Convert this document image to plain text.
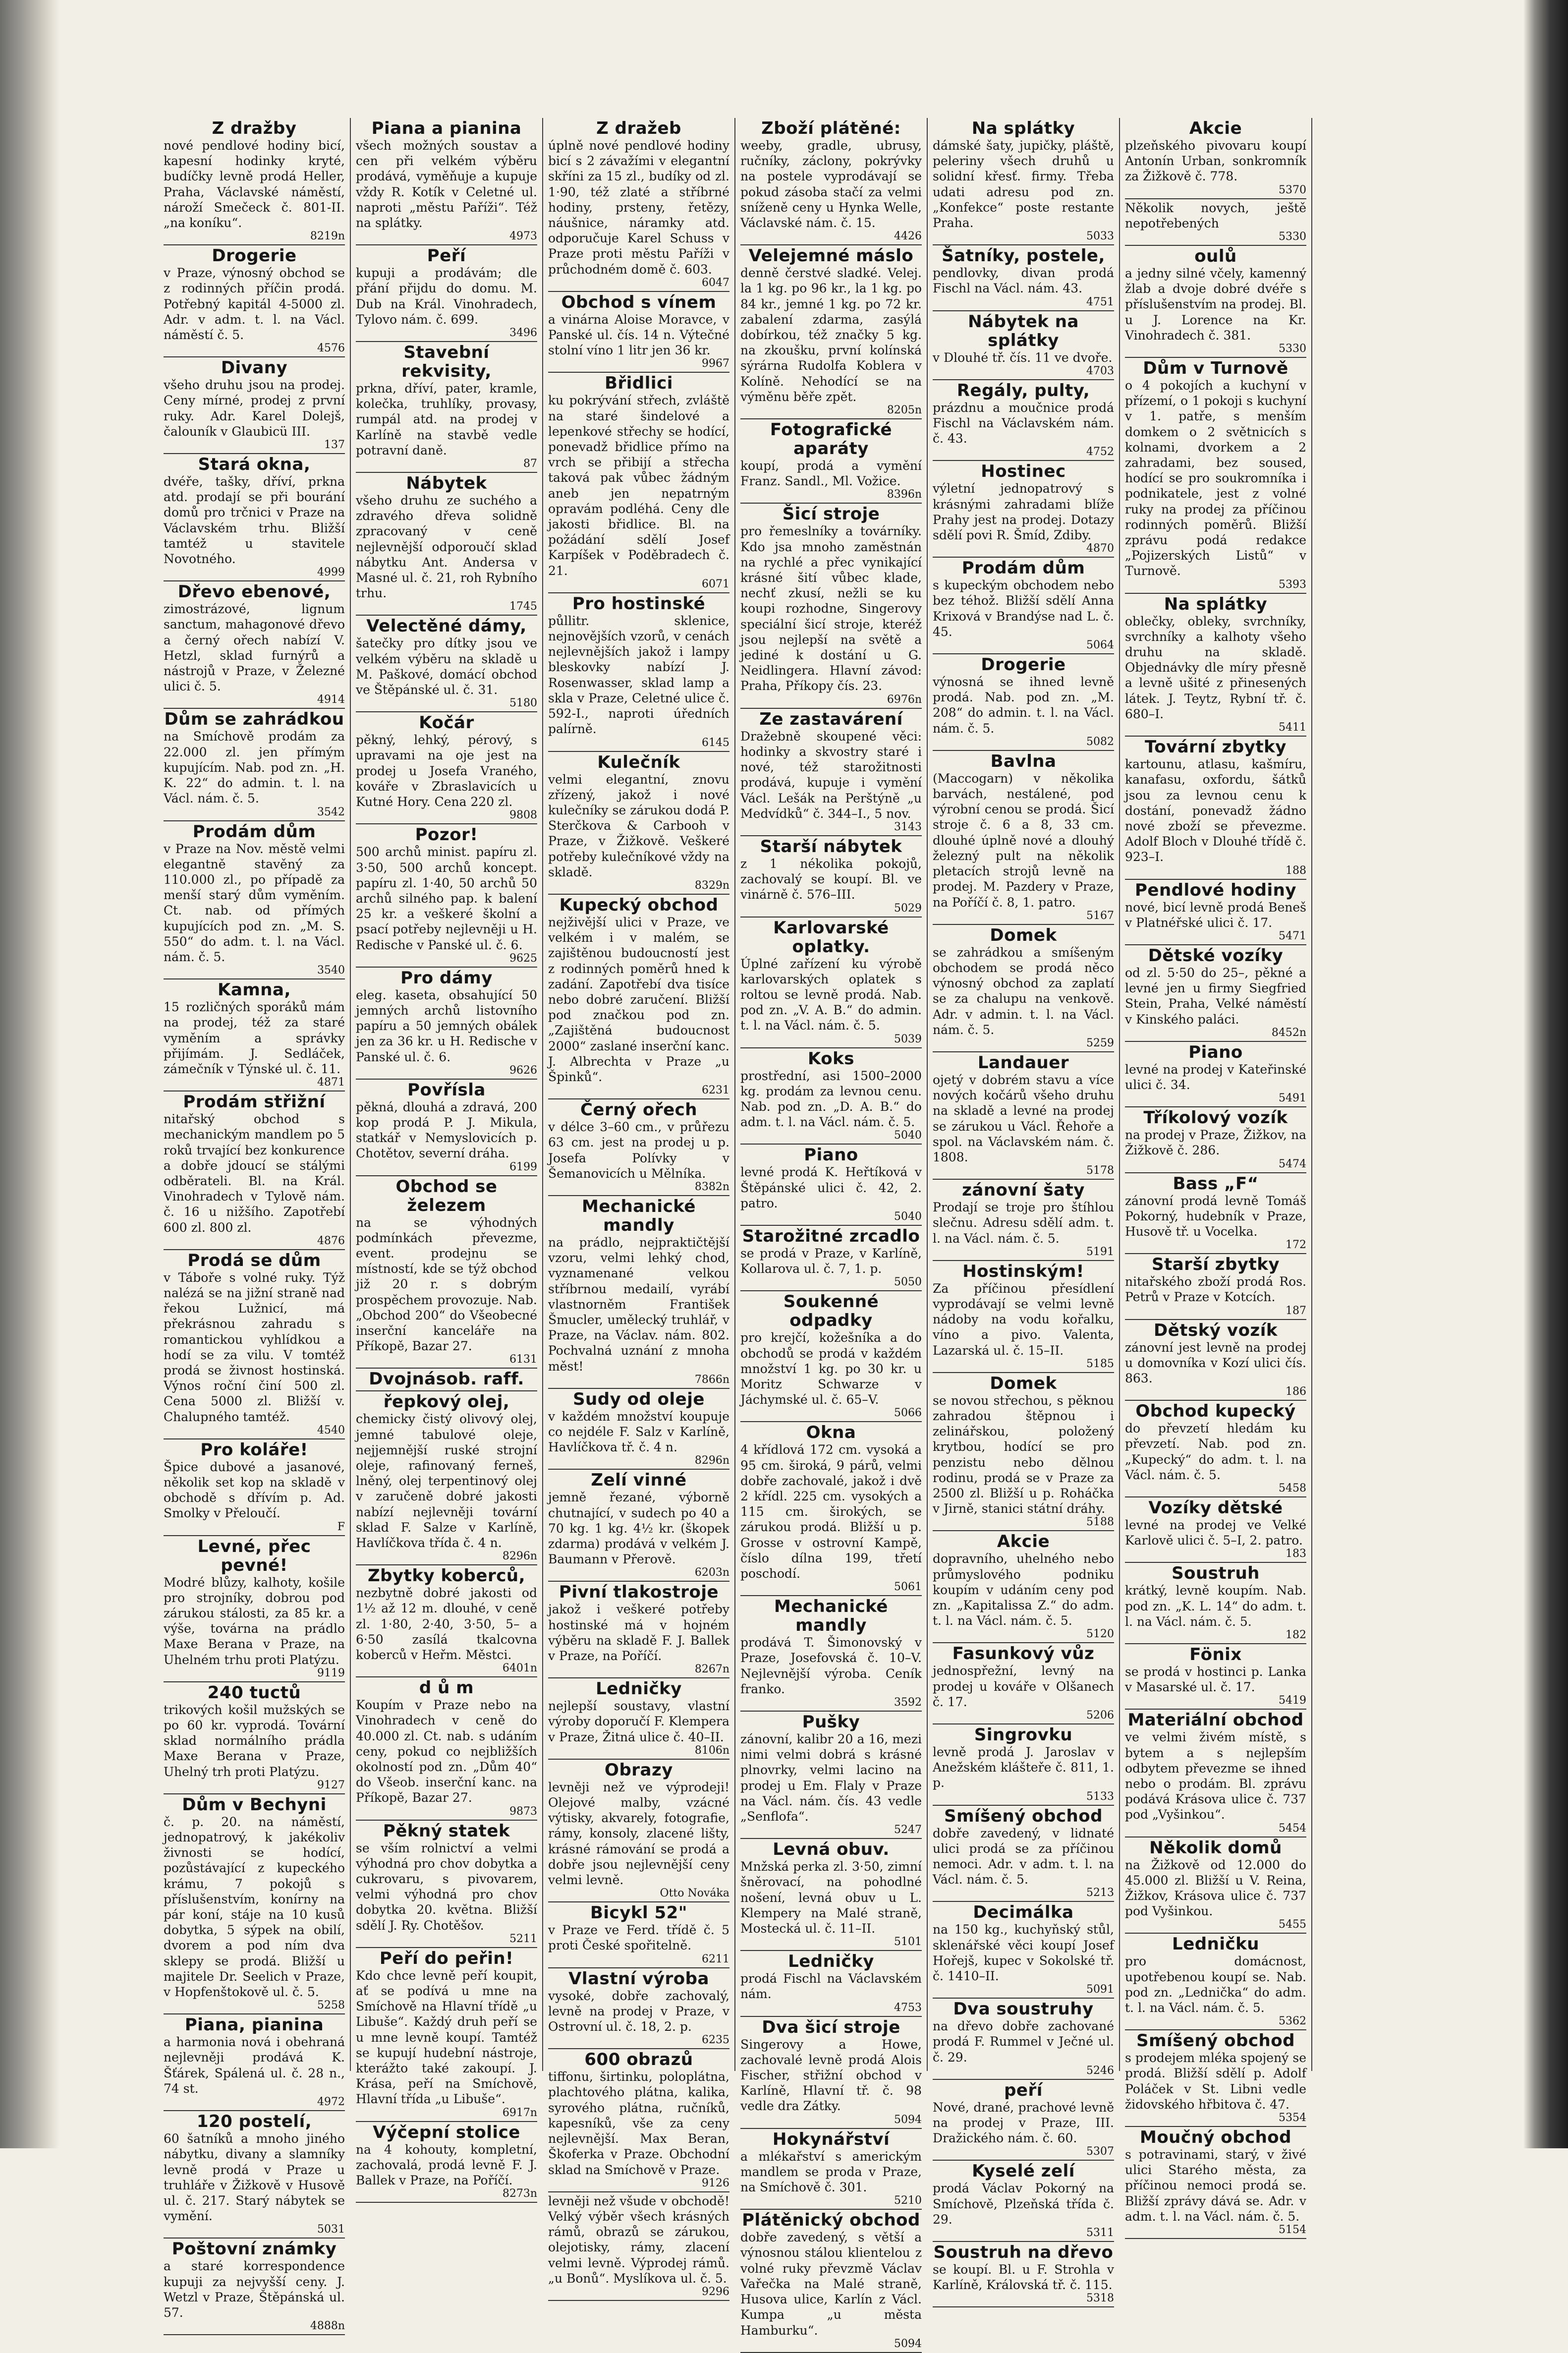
Z dražby
nové pendlové hodiny bicí, kapesní hodinky kryté, budíčky levně prodá Heller, Praha, Václavské náměstí, nároží Smečeck č. 801-II. „na koníku“.
8219n
Drogerie
v Praze, výnosný obchod se z rodinných příčin prodá. Potřebný kapitál 4-5000 zl. Adr. v adm. t. l. na Václ. náměstí č. 5.
4576
Divany
všeho druhu jsou na prodej. Ceny mírné, prodej z první ruky. Adr. Karel Dolejš, čalouník v Glaubicü III.
137
Stará okna,
dvéře, tašky, dříví, prkna atd. prodají se při bourání domů pro trčnici v Praze na Václavském trhu. Bližší tamtéž u stavitele Novotného.
4999
Dřevo ebenové,
zimostrázové, lignum sanctum, mahagonové dřevo a černý ořech nabízí V. Hetzl, sklad furnýrů a nástrojů v Praze, v Železné ulici č. 5.
4914
Dům se zahrádkou
na Smíchově prodám za 22.000 zl. jen přímým kupujícím. Nab. pod zn. „H. K. 22“ do admin. t. l. na Václ. nám. č. 5.
3542
Prodám dům
v Praze na Nov. městě velmi elegantně stavěný za 110.000 zl., po případě za menší starý dům vyměním. Ct. nab. od přímých kupujících pod zn. „M. S. 550“ do adm. t. l. na Václ. nám. č. 5.
3540
Kamna,
15 rozličných sporáků mám na prodej, též za staré vyměním a správky přijímám. J. Sedláček, zámečník v Týnské ul. č. 11.
4871
Prodám střižní
nitařský obchod s mechanickým mandlem po 5 roků trvající bez konkurence a dobře jdoucí se stálými odběrateli. Bl. na Král. Vinohradech v Tylově nám. č. 16 u nižšího. Zapotřebí 600 zl. 800 zl.
4876
Prodá se dům
v Táboře s volné ruky. Týž nalézá se na jižní straně nad řekou Lužnicí, má překrásnou zahradu s romantickou vyhlídkou a hodí se za vilu. V tomtéž prodá se živnost hostinská. Výnos roční činí 500 zl. Cena 5000 zl. Bližší v. Chalupného tamtéž.
4540
Pro koláře!
Špice dubové a jasanové, několik set kop na skladě v obchodě s dřívím p. Ad. Smolky v Přeloučí.
F
Levné, přec pevné!
Modré blůzy, kalhoty, košile pro strojníky, dobrou pod zárukou stálosti, za 85 kr. a výše, továrna na prádlo Maxe Berana v Praze, na Uhelném trhu proti Platýzu.
9119
240 tuctů
trikových košil mužských se po 60 kr. vyprodá. Tovární sklad normálního prádla Maxe Berana v Praze, Uhelný trh proti Platýzu.
9127
Dům v Bechyni
č. p. 20. na náměstí, jednopatrový, k jakékoliv živnosti se hodící, pozůstávající z kupeckého krámu, 7 pokojů s příslušenstvím, konírny na pár koní, stáje na 10 kusů dobytka, 5 sýpek na obilí, dvorem a pod ním dva sklepy se prodá. Bližší u majitele Dr. Seelich v Praze, v Hopfenštokově ul. č. 5.
5258
Piana, pianina
a harmonia nová i obehraná nejlevněji prodává K. Šťárek, Spálená ul. č. 28 n., 74 st.
4972
120 postelí,
60 šatníků a mnoho jiného nábytku, divany a slamníky levně prodá v Praze u truhláře v Žižkově v Husově ul. č. 217. Starý nábytek se vymění.
5031
Poštovní známky
a staré korrespondence kupuji za nejvyšší ceny. J. Wetzl v Praze, Štěpánská ul. 57.
4888n
Piana a pianina
všech možných soustav a cen při velkém výběru prodává, vyměňuje a kupuje vždy R. Kotík v Celetné ul. naproti „městu Paříži“. Též na splátky.
4973
Peří
kupuji a prodávám; dle přání přijdu do domu. M. Dub na Král. Vinohradech, Tylovo nám. č. 699.
3496
Stavební rekvisity,
prkna, dříví, pater, kramle, kolečka, truhlíky, provasy, rumpál atd. na prodej v Karlíně na stavbě vedle potravní daně.
87
Nábytek
všeho druhu ze suchého a zdravého dřeva solidně zpracovaný v ceně nejlevnější odporoučí sklad nábytku Ant. Andersa v Masné ul. č. 21, roh Rybního trhu.
1745
Velectěné dámy,
šatečky pro dítky jsou ve velkém výběru na skladě u M. Paškové, domácí obchod ve Štěpánské ul. č. 31.
5180
Kočár
pěkný, lehký, pérový, s upravami na oje jest na prodej u Josefa Vraného, kováře v Zbraslavicích u Kutné Hory. Cena 220 zl.
9808
Pozor!
500 archů minist. papíru zl. 3·50, 500 archů koncept. papíru zl. 1·40, 50 archů 50 archů silného pap. k balení 25 kr. a veškeré školní a psací potřeby nejlevněji u H. Redische v Panské ul. č. 6.
9625
Pro dámy
eleg. kaseta, obsahující 50 jemných archů listovního papíru a 50 jemných obálek jen za 36 kr. u H. Redische v Panské ul. č. 6.
9626
Povřísla
pěkná, dlouhá a zdravá, 200 kop prodá P. J. Mikula, statkář v Nemyslovicích p. Chotětov, severní dráha.
6199
Obchod se železem
na se výhodných podmínkách převezme, event. prodejnu se místností, kde se týž obchod již 20 r. s dobrým prospěchem provozuje. Nab. „Obchod 200“ do Všeobecné inserční kanceláře na Příkopě, Bazar 27.
6131
Dvojnásob. raff.
řepkový olej,
chemicky čistý olivový olej, jemné tabulové oleje, nejjemnější ruské strojní oleje, rafinovaný ferneš, lněný, olej terpentinový olej v zaručeně dobré jakosti nabízí nejlevněji tovární sklad F. Salze v Karlíně, Havlíčkova třída č. 4 n.
8296n
Zbytky koberců,
nezbytně dobré jakosti od 1½ až 12 m. dlouhé, v ceně zl. 1·80, 2·40, 3·50, 5– a 6·50 zasílá tkalcovna koberců v Heřm. Městci.
6401n
d ů m
Koupím v Praze nebo na Vinohradech v ceně do 40.000 zl. Ct. nab. s udáním ceny, pokud co nejbližších okolností pod zn. „Dům 40“ do Všeob. inserční kanc. na Příkopě, Bazar 27.
9873
Pěkný statek
se vším rolnictví a velmi výhodná pro chov dobytka a cukrovaru, s pivovarem, velmi výhodná pro chov dobytka 20. května. Bližší sdělí J. Ry. Chotěšov.
5211
Peří do peřin!
Kdo chce levně peří koupit, ať se podívá u mne na Smíchově na Hlavní třídě „u Libuše“. Každý druh peří se u mne levně koupí. Tamtéž se kupují hudební nástroje, kterážto také zakoupí. J. Krása, peří na Smíchově, Hlavní třída „u Libuše“.
6917n
Výčepní stolice
na 4 kohouty, kompletní, zachovalá, prodá levně F. J. Ballek v Praze, na Poříčí.
8273n
Z dražeb
úplně nové pendlové hodiny bicí s 2 závažími v elegantní skříni za 15 zl., budíky od zl. 1·90, též zlaté a stříbrné hodiny, prsteny, řetězy, náušnice, náramky atd. odporučuje Karel Schuss v Praze proti městu Paříži v průchodném domě č. 603.
6047
Obchod s vínem
a vinárna Aloise Moravce, v Panské ul. čís. 14 n. Výtečné stolní víno 1 litr jen 36 kr.
9967
Břidlici
ku pokrývání střech, zvláště na staré šindelové a lepenkové střechy se hodící, ponevadž břidlice přímo na vrch se přibijí a střecha taková pak vůbec žádným aneb jen nepatrným opravám podléhá. Ceny dle jakosti břidlice. Bl. na požádání sdělí Josef Karpíšek v Poděbradech č. 21.
6071
Pro hostinské
půllitr. sklenice, nejnovějších vzorů, v cenách nejlevnějších jakož i lampy bleskovky nabízí J. Rosenwasser, sklad lamp a skla v Praze, Celetné ulice č. 592-I., naproti úředních palírně.
6145
Kulečník
velmi elegantní, znovu zřízený, jakož i nové kulečníky se zárukou dodá P. Sterčkova & Carbooh v Praze, v Žižkově. Veškeré potřeby kulečníkové vždy na skladě.
8329n
Kupecký obchod
nejživější ulici v Praze, ve velkém i v malém, se zajištěnou budoucností jest z rodinných poměrů hned k zadání. Zapotřebí dva tisíce nebo dobré zaručení. Bližší pod značkou pod zn. „Zajištěná budoucnost 2000“ zaslané inserční kanc. J. Albrechta v Praze „u Špinků“.
6231
Černý ořech
v délce 3–60 cm., v průřezu 63 cm. jest na prodej u p. Josefa Polívky v Šemanovicích u Mělníka.
8382n
Mechanické mandly
na prádlo, nejpraktičtější vzoru, velmi lehký chod, vyznamenané velkou stříbrnou medailí, vyrábí vlastnorněm František Šmucler, umělecký truhlář, v Praze, na Václav. nám. 802. Pochvalná uznání z mnoha měst!
7866n
Sudy od oleje
v každém množství koupuje co nejdéle F. Salz v Karlíně, Havlíčkova tř. č. 4 n.
8296n
Zelí vinné
jemně řezané, výborně chutnající, v sudech po 40 a 70 kg. 1 kg. 4½ kr. (škopek zdarma) prodává v velkém J. Baumann v Přerově.
6203n
Pivní tlakostroje
jakož i veškeré potřeby hostinské má v hojném výběru na skladě F. J. Ballek v Praze, na Poříčí.
8267n
Ledničky
nejlepší soustavy, vlastní výroby doporučí F. Klempera v Praze, Žitná ulice č. 40–II.
8106n
Obrazy
levněji než ve výprodeji! Olejové malby, vzácné výtisky, akvarely, fotografie, rámy, konsoly, zlacené lišty, krásné rámování se prodá a dobře jsou nejlevnější ceny velmi levně.
Otto Nováka
Bicykl 52"
v Praze ve Ferd. třídě č. 5 proti České spořitelně.
6211
Vlastní výroba
vysoké, dobře zachovalý, levně na prodej v Praze, v Ostrovní ul. č. 18, 2. p.
6235
600 obrazů
tiffonu, širtinku, poloplátna, plachtového plátna, kalika, syrového plátna, ručníků, kapesníků, vše za ceny nejlevnější. Max Beran, Škoferka v Praze. Obchodní sklad na Smíchově v Praze.
9126
levněji než všude v obchodě! Velký výběr všech krásných rámů, obrazů se zárukou, olejotisky, rámy, zlacení velmi levně. Výprodej rámů. „u Bonů“. Myslíkova ul. č. 5.
9296
Zboží plátěné:
weeby, gradle, ubrusy, ručníky, záclony, pokrývky na postele vyprodávají se pokud zásoba stačí za velmi sníženě ceny u Hynka Welle, Václavské nám. č. 15.
4426
Velejemné máslo
denně čerstvé sladké. Velej. la 1 kg. po 96 kr., la 1 kg. po 84 kr., jemné 1 kg. po 72 kr. zabalení zdarma, zasýlá dobírkou, též značky 5 kg. na zkoušku, první kolínská sýrárna Rudolfa Koblera v Kolíně. Nehodící se na výměnu běře zpět.
8205n
Fotografické aparáty
koupí, prodá a vymění Franz. Sandl., Ml. Vožice.
8396n
Šicí stroje
pro řemeslníky a továrníky. Kdo jsa mnoho zaměstnán na rychlé a přec vynikající krásné šití vůbec klade, nechť zkusí, nežli se ku koupi rozhodne, Singerovy speciální šicí stroje, kteréž jsou nejlepší na světě a jediné k dostání u G. Neidlingera. Hlavní závod: Praha, Příkopy čís. 23.
6976n
Ze zastavárení
Dražebně skoupené věci: hodinky a skvostry staré i nové, též starožitnosti prodává, kupuje i vymění Václ. Lešák na Perštýně „u Medvídků“ č. 344–I., 5 nov.
3143
Starší nábytek
z 1 nékolika pokojů, zachovalý se koupí. Bl. ve vinárně č. 576–III.
5029
Karlovarské oplatky.
Úplné zařízení ku výrobě karlovarských oplatek s roltou se levně prodá. Nab. pod zn. „V. A. B.“ do admin. t. l. na Václ. nám. č. 5.
5039
Koks
prostřední, asi 1500–2000 kg. prodám za levnou cenu. Nab. pod zn. „D. A. B.“ do adm. t. l. na Václ. nám. č. 5.
5040
Piano
levné prodá K. Heřtíková v Štěpánské ulici č. 42, 2. patro.
5040
Starožitné zrcadlo
se prodá v Praze, v Karlíně, Kollarova ul. č. 7, 1. p.
5050
Soukenné odpadky
pro krejčí, kožešníka a do obchodů se prodá v každém množství 1 kg. po 30 kr. u Moritz Schwarze v Jáchymské ul. č. 65–V.
5066
Okna
4 křídlová 172 cm. vysoká a 95 cm. široká, 9 párů, velmi dobře zachovalé, jakož i dvě 2 křídl. 225 cm. vysokých a 115 cm. širokých, se zárukou prodá. Bližší u p. Grosse v ostrovní Kampě, číslo dílna 199, třetí poschodí.
5061
Mechanické mandly
prodává T. Šimonovský v Praze, Josefovská č. 10–V. Nejlevnější výroba. Ceník franko.
3592
Pušky
zánovní, kalibr 20 a 16, mezi nimi velmi dobrá s krásné plnovrky, velmi lacino na prodej u Em. Flaly v Praze na Václ. nám. čís. 43 vedle „Senflofa“.
5247
Levná obuv.
Mnžská perka zl. 3·50, zimní šněrovací, na pohodlné nošení, levná obuv u L. Klempery na Malé straně, Mostecká ul. č. 11–II.
5101
Ledničky
prodá Fischl na Václavském nám.
4753
Dva šicí stroje
Singerovy a Howe, zachovalé levně prodá Alois Fischer, střižní obchod v Karlíně, Hlavní tř. č. 98 vedle dra Zátky.
5094
Hokynářství
a mlékařství s americkým mandlem se proda v Praze, na Smíchově č. 301.
5210
Plátěnický obchod
dobře zavedený, s větší a výnosnou stálou klientelou z volné ruky převzmě Václav Vařečka na Malé straně, Husova ulice, Karlín z Václ. Kumpa „u města Hamburku“.
5094
Na splátky
dámské šaty, jupičky, pláště, peleriny všech druhů u solidní křesť. firmy. Třeba udati adresu pod zn. „Konfekce“ poste restante Praha.
5033
Šatníky, postele,
pendlovky, divan prodá Fischl na Václ. nám. 43.
4751
Nábytek na splátky
v Dlouhé tř. čís. 11 ve dvoře.
4703
Regály, pulty,
prázdnu a moučnice prodá Fischl na Václavském nám. č. 43.
4752
Hostinec
výletní jednopatrový s krásnými zahradami blíže Prahy jest na prodej. Dotazy sdělí povi R. Šmíd, Zdiby.
4870
Prodám dům
s kupeckým obchodem nebo bez téhož. Bližší sdělí Anna Krixová v Brandýse nad L. č. 45.
5064
Drogerie
výnosná se ihned levně prodá. Nab. pod zn. „M. 208“ do admin. t. l. na Václ. nám. č. 5.
5082
Bavlna
(Maccogarn) v několika barvách, nestálené, pod výrobní cenou se prodá. Šicí stroje č. 6 a 8, 33 cm. dlouhé úplně nové a dlouhý železný pult na několik pletacích strojů levně na prodej. M. Pazdery v Praze, na Poříčí č. 8, 1. patro.
5167
Domek
se zahrádkou a smíšeným obchodem se prodá něco výnosný obchod za zaplatí se za chalupu na venkově. Adr. v admin. t. l. na Václ. nám. č. 5.
5259
Landauer
ojetý v dobrém stavu a více nových kočárů všeho druhu na skladě a levné na prodej se zárukou u Václ. Řehoře a spol. na Václavském nám. č. 1808.
5178
zánovní šaty
Prodají se troje pro štíhlou slečnu. Adresu sdělí adm. t. l. na Václ. nám. č. 5.
5191
Hostinským!
Za příčinou přesídlení vyprodávají se velmi levně nádoby na vodu kořalku, víno a pivo. Valenta, Lazarská ul. č. 15–II.
5185
Domek
se novou střechou, s pěknou zahradou štěpnou i zelinářskou, položený krytbou, hodící se pro penzistu nebo dělnou rodinu, prodá se v Praze za 2500 zl. Bližší u p. Roháčka v Jirně, stanici státní dráhy.
5188
Akcie
dopravního, uhelného nebo průmyslového podniku koupím v udáním ceny pod zn. „Kapitalissa Z.“ do adm. t. l. na Václ. nám. č. 5.
5120
Fasunkový vůz
jednospřežní, levný na prodej u kováře v Olšanech č. 17.
5206
Singrovku
levně prodá J. Jaroslav v Anežském klášteře č. 811, 1. p.
5133
Smíšený obchod
dobře zavedený, v lidnaté ulici prodá se za příčinou nemoci. Adr. v adm. t. l. na Václ. nám. č. 5.
5213
Decimálka
na 150 kg., kuchyňský stůl, sklenářské věci koupí Josef Hořejš, kupec v Sokolské tř. č. 1410–II.
5091
Dva soustruhy
na dřevo dobře zachované prodá F. Rummel v Ječné ul. č. 29.
5246
peří
Nové, drané, prachové levně na prodej v Praze, III. Dražického nám. č. 60.
5307
Kyselé zelí
prodá Václav Pokorný na Smíchově, Plzeňská třída č. 29.
5311
Soustruh na dřevo
se koupí. Bl. u F. Strohla v Karlíně, Královská tř. č. 115.
5318
Akcie
plzeňského pivovaru koupí Antonín Urban, sonkromník za Žižkově č. 778.
5370
Několik novych, ještě nepotřebených
5330
oulů
a jedny silné včely, kamenný žlab a dvoje dobré dvéře s příslušenstvím na prodej. Bl. u J. Lorence na Kr. Vinohradech č. 381.
5330
Dům v Turnově
o 4 pokojích a kuchyní v přízemí, o 1 pokoji s kuchyní v 1. patře, s menším domkem o 2 světnicích s kolnami, dvorkem a 2 zahradami, bez soused, hodící se pro soukromníka i podnikatele, jest z volné ruky na prodej za příčinou rodinných poměrů. Bližší zprávu podá redakce „Pojizerských Listů“ v Turnově.
5393
Na splátky
oblečky, obleky, svrchníky, svrchníky a kalhoty všeho druhu na skladě. Objednávky dle míry přesně a levně ušité z přinesených látek. J. Teytz, Rybní tř. č. 680–I.
5411
Tovární zbytky
kartounu, atlasu, kašmíru, kanafasu, oxfordu, šátků jsou za levnou cenu k dostání, ponevadž žádno nové zboží se převezme. Adolf Bloch v Dlouhé třídě č. 923–I.
188
Pendlové hodiny
nové, bicí levně prodá Beneš v Platnéřské ulici č. 17.
5471
Dětské vozíky
od zl. 5·50 do 25–, pěkné a levné jen u firmy Siegfried Stein, Praha, Velké náměstí v Kinského paláci.
8452n
Piano
levné na prodej v Kateřinské ulici č. 34.
5491
Tříkolový vozík
na prodej v Praze, Žižkov, na Žižkově č. 286.
5474
Bass „F“
zánovní prodá levně Tomáš Pokorný, hudebník v Praze, Husově tř. u Vocelka.
172
Starší zbytky
nitařského zboží prodá Ros. Petrů v Praze v Kotcích.
187
Dětský vozík
zánovní jest levně na prodej u domovníka v Kozí ulici čís. 863.
186
Obchod kupecký
do převzetí hledám ku převzetí. Nab. pod zn. „Kupecký“ do adm. t. l. na Václ. nám. č. 5.
5458
Vozíky dětské
levné na prodej ve Velké Karlově ulici č. 5–I, 2. patro.
183
Soustruh
krátký, levně koupím. Nab. pod zn. „K. L. 14“ do adm. t. l. na Václ. nám. č. 5.
182
Fönix
se prodá v hostinci p. Lanka v Masarské ul. č. 17.
5419
Materiální obchod
ve velmi živém místě, s bytem a s nejlepším odbytem převezme se ihned nebo o prodám. Bl. zprávu podává Krásova ulice č. 737 pod „Vyšinkou“.
5454
Několik domů
na Žižkově od 12.000 do 45.000 zl. Bližší u V. Reina, Žižkov, Krásova ulice č. 737 pod Vyšinkou.
5455
Ledničku
pro domácnost, upotřebenou koupí se. Nab. pod zn. „Lednička“ do adm. t. l. na Václ. nám. č. 5.
5362
Smíšený obchod
s prodejem mléka spojený se prodá. Bližší sdělí p. Adolf Poláček v St. Libni vedle židovského hřbitova č. 47.
5354
Moučný obchod
s potravinami, starý, v živé ulici Starého města, za příčinou nemoci prodá se. Bližší zprávy dává se. Adr. v adm. t. l. na Václ. nám. č. 5.
5154
